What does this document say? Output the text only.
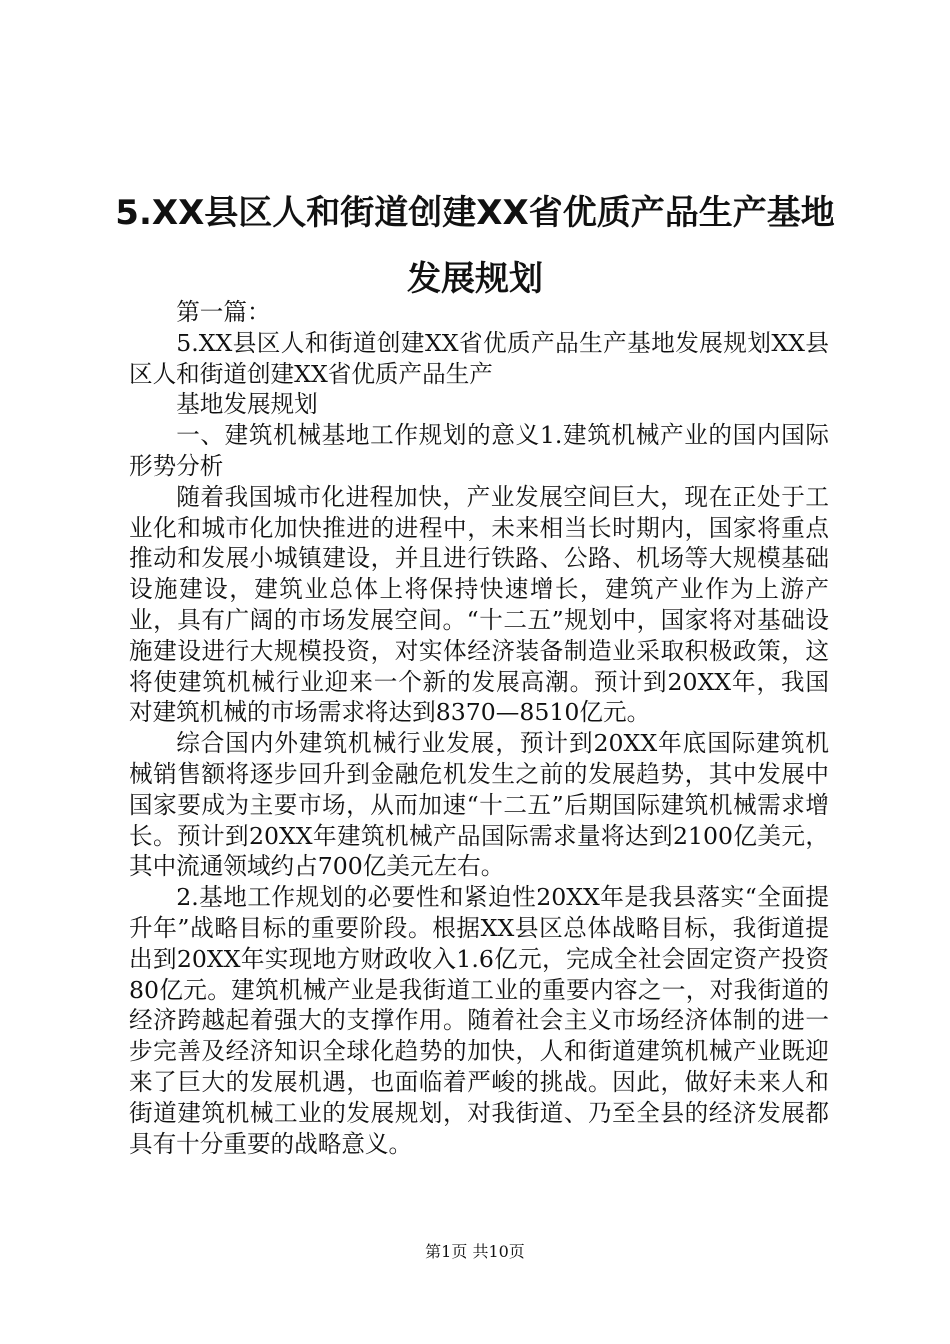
5.XX县区人和街道创建XX省优质产品生产基地发展规划

第一篇：

5.XX县区人和街道创建XX省优质产品生产基地发展规划XX县区人和街道创建XX省优质产品生产

基地发展规划

一、建筑机械基地工作规划的意义1.建筑机械产业的国内国际形势分析

随着我国城市化进程加快，产业发展空间巨大，现在正处于工业化和城市化加快推进的进程中，未来相当长时期内，国家将重点推动和发展小城镇建设，并且进行铁路、公路、机场等大规模基础设施建设，建筑业总体上将保持快速增长，建筑产业作为上游产业，具有广阔的市场发展空间。“十二五”规划中，国家将对基础设施建设进行大规模投资，对实体经济装备制造业采取积极政策，这将使建筑机械行业迎来一个新的发展高潮。预计到20XX年，我国对建筑机械的市场需求将达到8370—8510亿元。

综合国内外建筑机械行业发展，预计到20XX年底国际建筑机械销售额将逐步回升到金融危机发生之前的发展趋势，其中发展中国家要成为主要市场，从而加速“十二五”后期国际建筑机械需求增长。预计到20XX年建筑机械产品国际需求量将达到2100亿美元，其中流通领域约占700亿美元左右。

2.基地工作规划的必要性和紧迫性20XX年是我县落实“全面提升年”战略目标的重要阶段。根据XX县区总体战略目标，我街道提出到20XX年实现地方财政收入1.6亿元，完成全社会固定资产投资80亿元。建筑机械产业是我街道工业的重要内容之一，对我街道的经济跨越起着强大的支撑作用。随着社会主义市场经济体制的进一步完善及经济知识全球化趋势的加快，人和街道建筑机械产业既迎来了巨大的发展机遇，也面临着严峻的挑战。因此，做好未来人和街道建筑机械工业的发展规划，对我街道、乃至全县的经济发展都具有十分重要的战略意义。

第1页 共10页
